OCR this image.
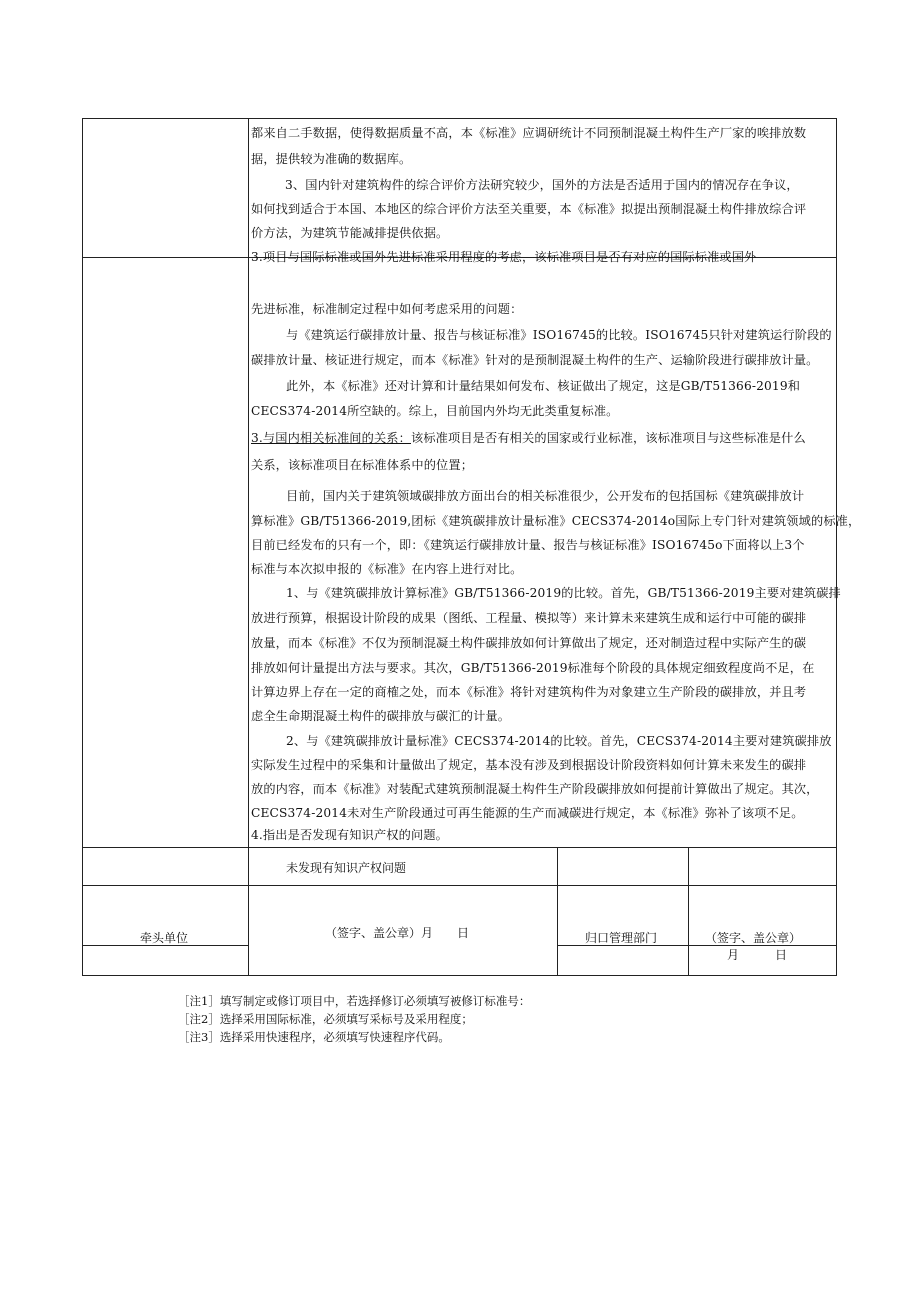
都来自二手数据，使得数据质量不高，本《标准》应调研统计不同预制混凝土构件生产厂家的唉排放数
据，提供较为准确的数据库。
3、国内针对建筑构件的综合评价方法研究较少，国外的方法是否适用于国内的情况存在争议，
如何找到适合于本国、本地区的综合评价方法至关重要，本《标准》拟提出预制混凝土构件排放综合评
价方法，为建筑节能减排提供依据。
3.项目与国际标准或国外先进标准采用程度的考虑，该标准项目是否有对应的国际标准或国外
先进标准，标准制定过程中如何考虑采用的问题：
与《建筑运行碳排放计量、报告与核证标准》ISO16745的比较。ISO16745只针对建筑运行阶段的
碳排放计量、核证进行规定，而本《标准》针对的是预制混凝土构件的生产、运输阶段进行碳排放计量。
此外，本《标准》还对计算和计量结果如何发布、核证做出了规定，这是GB/T51366-2019和
CECS374-2014所空缺的。综上，目前国内外均无此类重复标准。
3.与国内相关标准间的关系：该标准项目是否有相关的国家或行业标准，该标准项目与这些标准是什么
关系，该标准项目在标准体系中的位置；
目前，国内关于建筑领域碳排放方面出台的相关标准很少，公开发布的包括国标《建筑碳排放计
算标准》GB/T51366-2019,团标《建筑碳排放计量标准》CECS374-2014o国际上专门针对建筑领域的标准，
目前已经发布的只有一个，即：《建筑运行碳排放计量、报告与核证标准》ISO16745o下面将以上3个
标准与本次拟申报的《标准》在内容上进行对比。
1、与《建筑碳排放计算标准》GB/T51366-2019的比较。首先，GB/T51366-2019主要对建筑碳排
放进行预算，根据设计阶段的成果（图纸、工程量、模拟等）来计算未来建筑生成和运行中可能的碳排
放量，而本《标准》不仅为预制混凝土构件碳排放如何计算做出了规定，还对制造过程中实际产生的碳
排放如何计量提出方法与要求。其次，GB/T51366-2019标准每个阶段的具体规定细致程度尚不足，在
计算边界上存在一定的商榷之处，而本《标准》将针对建筑构件为对象建立生产阶段的碳排放，并且考
虑全生命期混凝土构件的碳排放与碳汇的计量。
2、与《建筑碳排放计量标准》CECS374-2014的比较。首先，CECS374-2014主要对建筑碳排放
实际发生过程中的采集和计量做出了规定，基本没有涉及到根据设计阶段资料如何计算未来发生的碳排
放的内容，而本《标准》对装配式建筑预制混凝土构件生产阶段碳排放如何提前计算做出了规定。其次，
CECS374-2014未对生产阶段通过可再生能源的生产而减碳进行规定，本《标准》弥补了该项不足。
4.指出是否发现有知识产权的问题。
未发现有知识产权问题
牵头单位	（签字、盖公章）月　　日	归口管理部门	（签字、盖公章）
月　　　日
［注1］填写制定或修订项目中，若选择修订必须填写被修订标准号：
［注2］选择采用国际标准，必须填写采标号及采用程度；
［注3］选择采用快速程序，必须填写快速程序代码。
